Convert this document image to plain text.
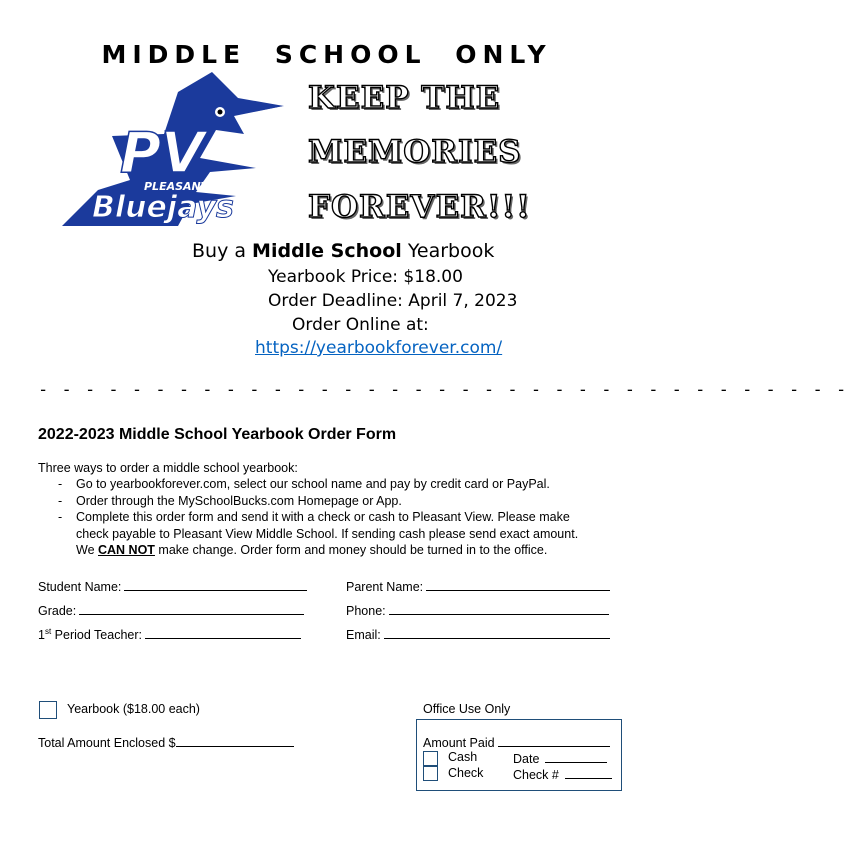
MIDDLE SCHOOL ONLY
PV
PLEASANT VIEW
Bluejays
KEEP THE
MEMORIES
FOREVER!!!
Buy a Middle School Yearbook
Yearbook Price: $18.00
Order Deadline: April 7, 2023
Order Online at:
https://yearbookforever.com/
- - - - - - - - - - - - - - - - - - - - - - - - - - - - - - - - - - -
2022-2023 Middle School Yearbook Order Form
Three ways to order a middle school yearbook:
- Go to yearbookforever.com, select our school name and pay by credit card or PayPal.
- Order through the MySchoolBucks.com Homepage or App.
- Complete this order form and send it with a check or cash to Pleasant View. Please make check payable to Pleasant View Middle School. If sending cash please send exact amount. We CAN NOT make change. Order form and money should be turned in to the office.
Student Name:
Grade:
1st Period Teacher:
Parent Name:
Phone:
Email:
Yearbook ($18.00 each)
Total Amount Enclosed $
Office Use Only
Amount Paid
Cash	Date
Check Check #
